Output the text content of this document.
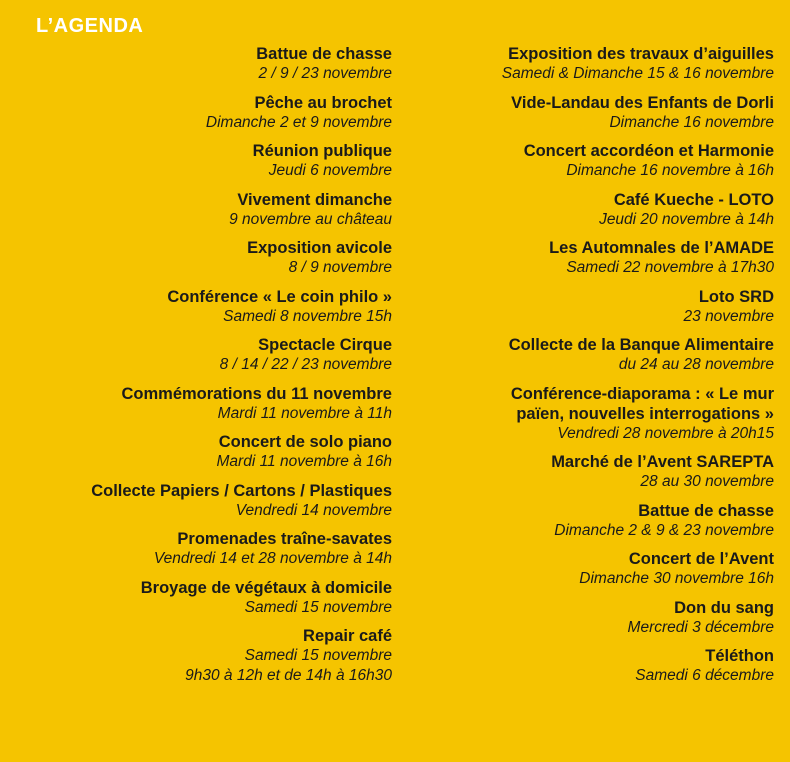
L’AGENDA
Battue de chasse
2 / 9 / 23 novembre
Pêche au brochet
Dimanche 2 et 9 novembre
Réunion publique
Jeudi 6 novembre
Vivement dimanche
9 novembre au château
Exposition avicole
8 / 9 novembre
Conférence « Le coin philo »
Samedi 8 novembre 15h
Spectacle Cirque
8 / 14 / 22 / 23 novembre
Commémorations du 11 novembre
Mardi 11 novembre à 11h
Concert de solo piano
Mardi 11 novembre à 16h
Collecte Papiers / Cartons / Plastiques
Vendredi 14 novembre
Promenades traîne-savates
Vendredi 14 et 28 novembre à 14h
Broyage de végétaux à domicile
Samedi 15 novembre
Repair café
Samedi 15 novembre
9h30 à 12h et de 14h à 16h30
Exposition des travaux d’aiguilles
Samedi & Dimanche 15 & 16 novembre
Vide-Landau des Enfants de Dorli
Dimanche 16 novembre
Concert accordéon et Harmonie
Dimanche 16 novembre à 16h
Café Kueche - LOTO
Jeudi 20 novembre à 14h
Les Automnales de l’AMADE
Samedi 22 novembre à 17h30
Loto SRD
23 novembre
Collecte de la Banque Alimentaire
du 24 au 28 novembre
Conférence-diaporama : « Le mur
païen, nouvelles interrogations »
Vendredi 28 novembre à 20h15
Marché de l’Avent SAREPTA
28 au 30 novembre
Battue de chasse
Dimanche 2 & 9 & 23 novembre
Concert de l’Avent
Dimanche 30 novembre 16h
Don du sang
Mercredi 3 décembre
Téléthon
Samedi 6 décembre
